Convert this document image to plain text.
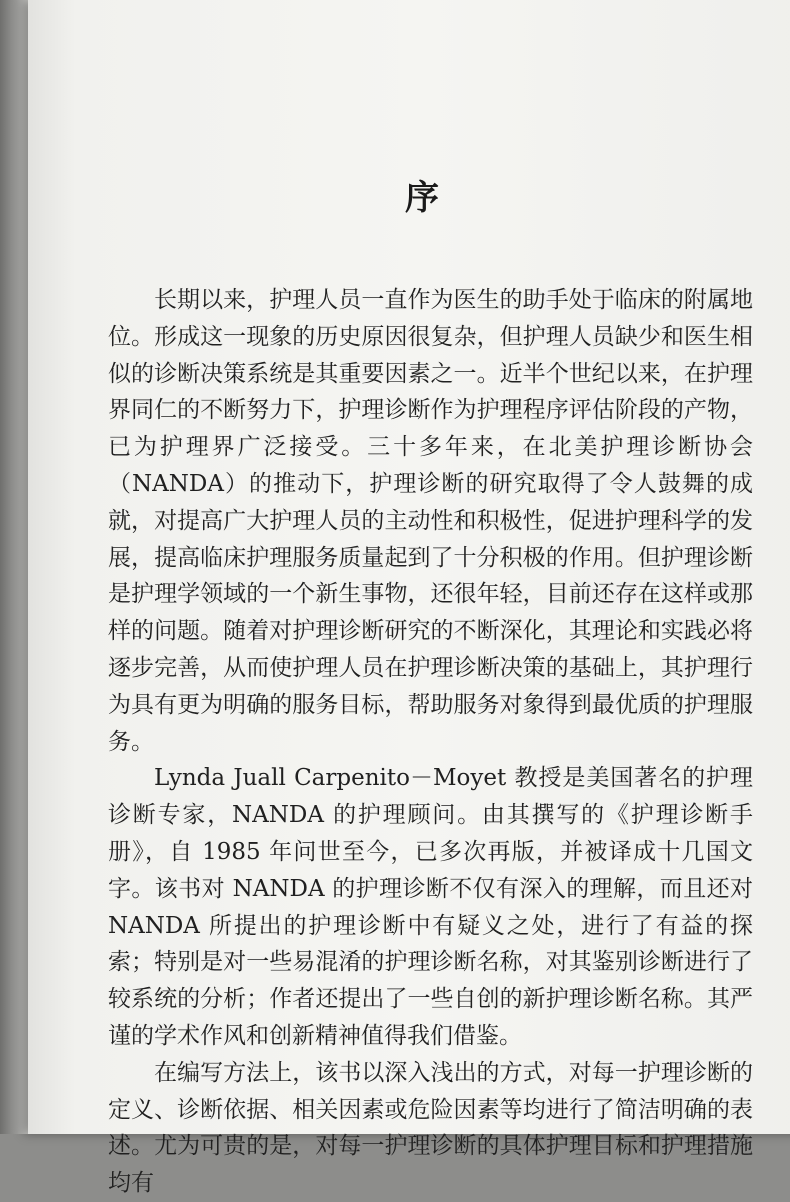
序

长期以来，护理人员一直作为医生的助手处于临床的附属地位。形成这一现象的历史原因很复杂，但护理人员缺少和医生相似的诊断决策系统是其重要因素之一。近半个世纪以来，在护理界同仁的不断努力下，护理诊断作为护理程序评估阶段的产物，已为护理界广泛接受。三十多年来，在北美护理诊断协会（NANDA）的推动下，护理诊断的研究取得了令人鼓舞的成就，对提高广大护理人员的主动性和积极性，促进护理科学的发展，提高临床护理服务质量起到了十分积极的作用。但护理诊断是护理学领域的一个新生事物，还很年轻，目前还存在这样或那样的问题。随着对护理诊断研究的不断深化，其理论和实践必将逐步完善，从而使护理人员在护理诊断决策的基础上，其护理行为具有更为明确的服务目标，帮助服务对象得到最优质的护理服务。

Lynda Juall Carpenito－Moyet 教授是美国著名的护理诊断专家，NANDA 的护理顾问。由其撰写的《护理诊断手册》，自 1985 年问世至今，已多次再版，并被译成十几国文字。该书对 NANDA 的护理诊断不仅有深入的理解，而且还对 NANDA 所提出的护理诊断中有疑义之处，进行了有益的探索；特别是对一些易混淆的护理诊断名称，对其鉴别诊断进行了较系统的分析；作者还提出了一些自创的新护理诊断名称。其严谨的学术作风和创新精神值得我们借鉴。

在编写方法上，该书以深入浅出的方式，对每一护理诊断的定义、诊断依据、相关因素或危险因素等均进行了简洁明确的表述。尤为可贵的是，对每一护理诊断的具体护理目标和护理措施均有
